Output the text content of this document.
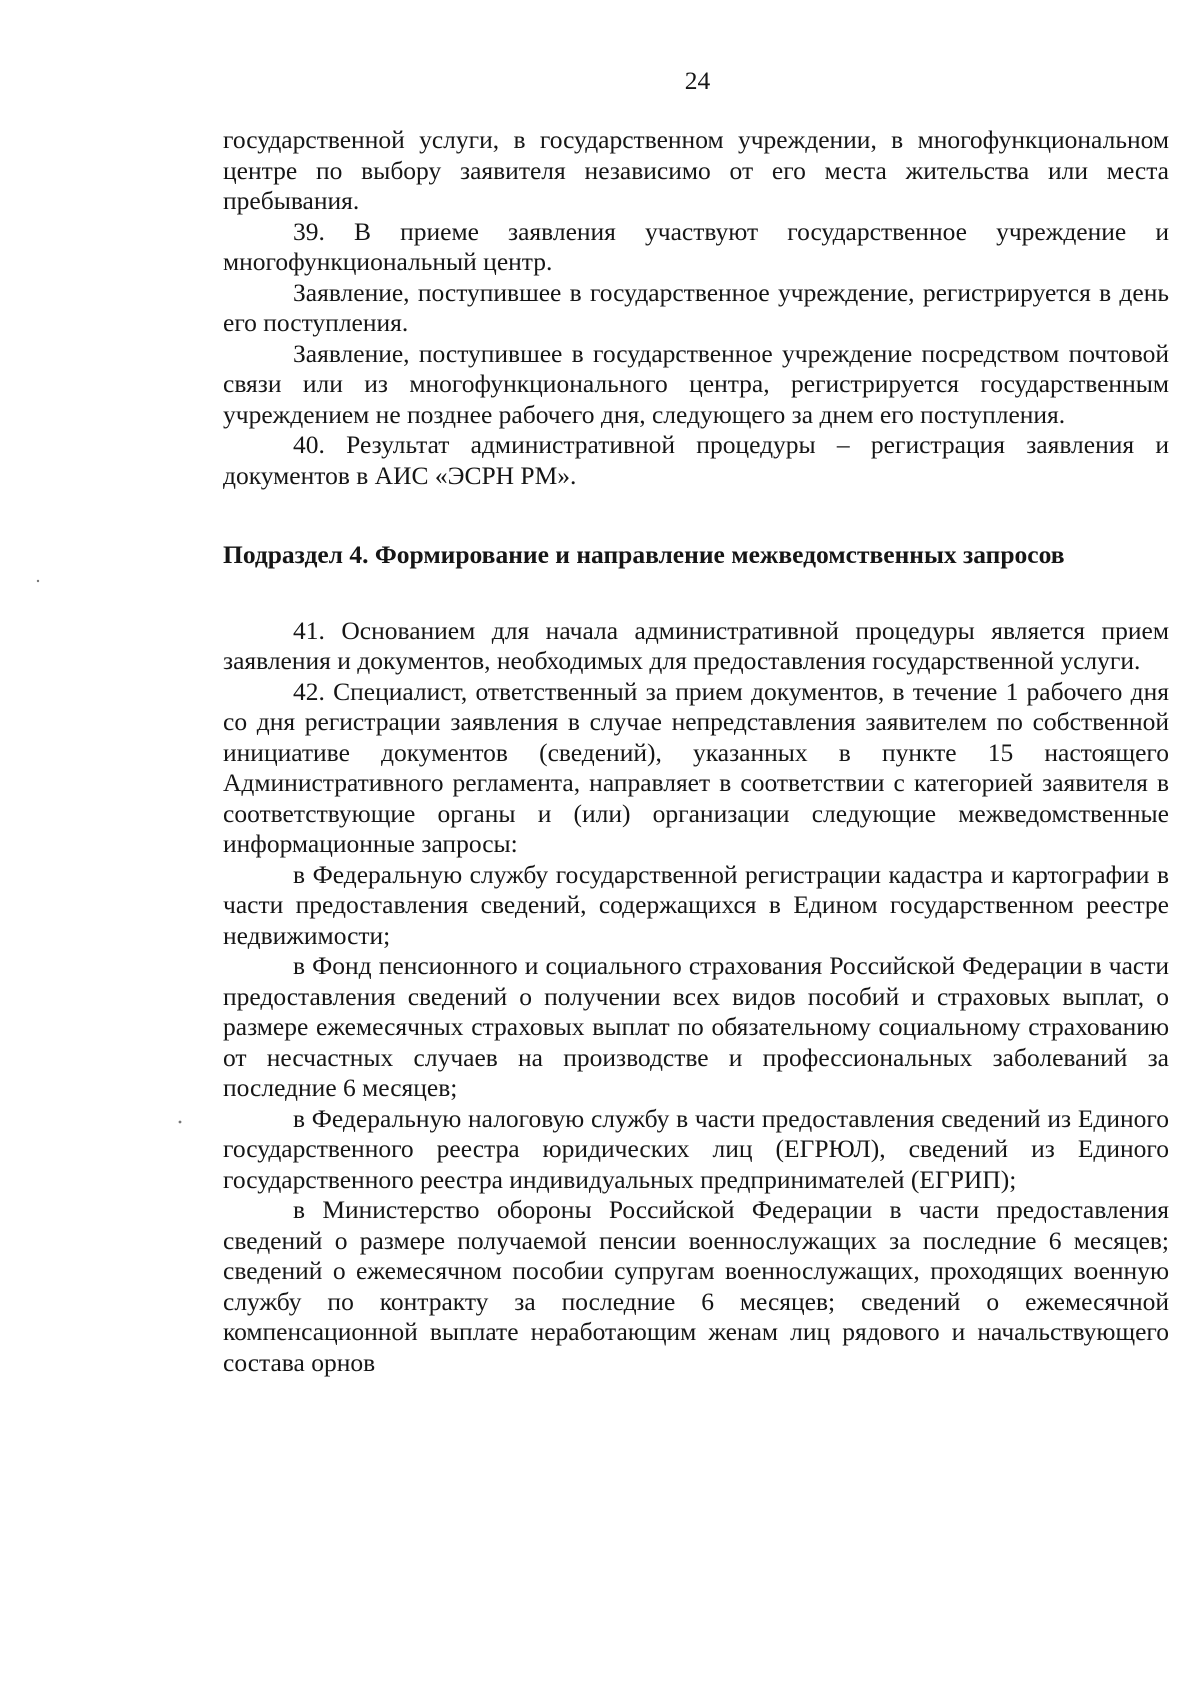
24

государственной услуги, в государственном учреждении, в многофункциональном центре по выбору заявителя независимо от его места жительства или места пребывания.

39. В приеме заявления участвуют государственное учреждение и многофункциональный центр.

Заявление, поступившее в государственное учреждение, регистрируется в день его поступления.

Заявление, поступившее в государственное учреждение посредством почтовой связи или из многофункционального центра, регистрируется государственным учреждением не позднее рабочего дня, следующего за днем его поступления.

40. Результат административной процедуры – регистрация заявления и документов в АИС «ЭСРН РМ».

Подраздел 4. Формирование и направление межведомственных запросов

41. Основанием для начала административной процедуры является прием заявления и документов, необходимых для предоставления государственной услуги.

42. Специалист, ответственный за прием документов, в течение 1 рабочего дня со дня регистрации заявления в случае непредставления заявителем по собственной инициативе документов (сведений), указанных в пункте 15 настоящего Административного регламента, направляет в соответствии с категорией заявителя в соответствующие органы и (или) организации следующие межведомственные информационные запросы:

в Федеральную службу государственной регистрации кадастра и картографии в части предоставления сведений, содержащихся в Едином государственном реестре недвижимости;

в Фонд пенсионного и социального страхования Российской Федерации в части предоставления сведений о получении всех видов пособий и страховых выплат, о размере ежемесячных страховых выплат по обязательному социальному страхованию от несчастных случаев на производстве и профессиональных заболеваний за последние 6 месяцев;

в Федеральную налоговую службу в части предоставления сведений из Единого государственного реестра юридических лиц (ЕГРЮЛ), сведений из Единого государственного реестра индивидуальных предпринимателей (ЕГРИП);

в Министерство обороны Российской Федерации в части предоставления сведений о размере получаемой пенсии военнослужащих за последние 6 месяцев; сведений о ежемесячном пособии супругам военнослужащих, проходящих военную службу по контракту за последние 6 месяцев; сведений о ежемесячной компенсационной выплате неработающим женам лиц рядового и начальствующего состава орнов
